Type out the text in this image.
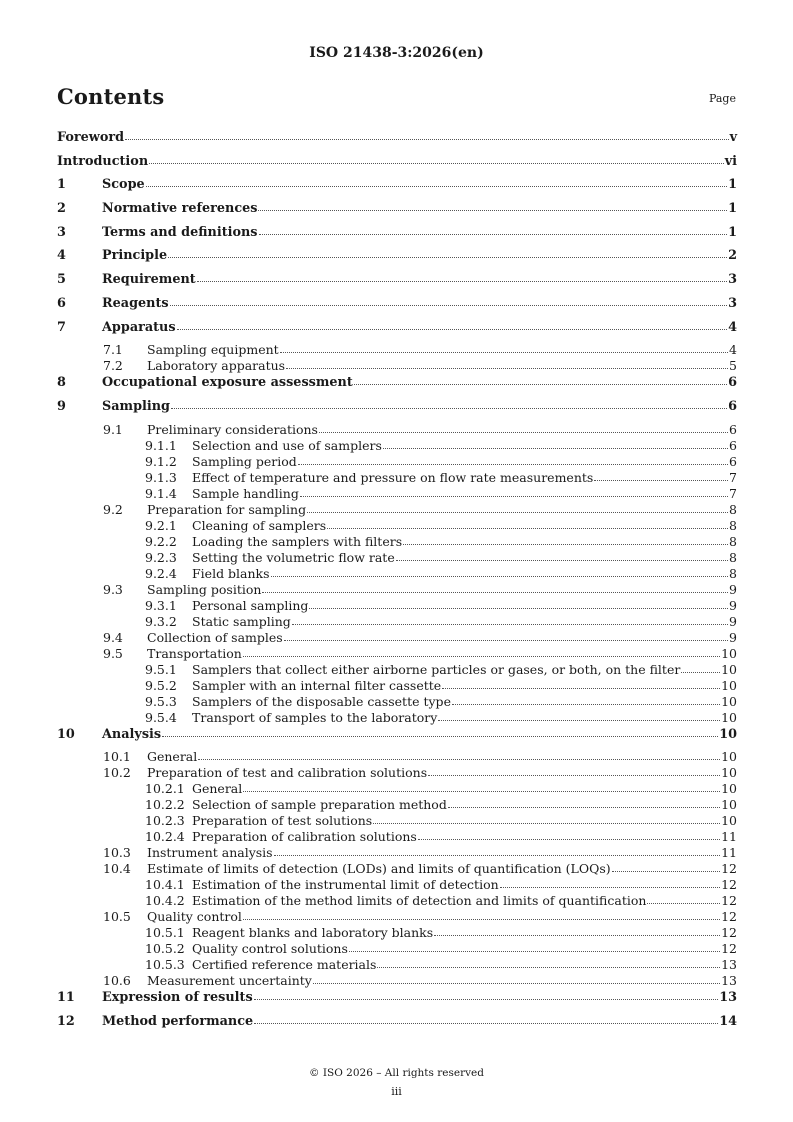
ISO 21438-3:2026(en)
Contents	Page
Foreword	v
Introduction	vi
1	Scope	1
2	Normative references	1
3	Terms and definitions	1
4	Principle	2
5	Requirement	3
6	Reagents	3
7	Apparatus	4
7.1	Sampling equipment	4
7.2	Laboratory apparatus	5
8	Occupational exposure assessment	6
9	Sampling	6
9.1	Preliminary considerations	6
9.1.1	Selection and use of samplers	6
9.1.2	Sampling period	6
9.1.3	Effect of temperature and pressure on flow rate measurements	7
9.1.4	Sample handling	7
9.2	Preparation for sampling	8
9.2.1	Cleaning of samplers	8
9.2.2	Loading the samplers with filters	8
9.2.3	Setting the volumetric flow rate	8
9.2.4	Field blanks	8
9.3	Sampling position	9
9.3.1	Personal sampling	9
9.3.2	Static sampling	9
9.4	Collection of samples	9
9.5	Transportation	10
9.5.1	Samplers that collect either airborne particles or gases, or both, on the filter	10
9.5.2	Sampler with an internal filter cassette	10
9.5.3	Samplers of the disposable cassette type	10
9.5.4	Transport of samples to the laboratory	10
10	Analysis	10
10.1	General	10
10.2	Preparation of test and calibration solutions	10
10.2.1 General	10
10.2.2 Selection of sample preparation method	10
10.2.3 Preparation of test solutions	10
10.2.4 Preparation of calibration solutions	11
10.3	Instrument analysis	11
10.4	Estimate of limits of detection (LODs) and limits of quantification (LOQs)	12
10.4.1 Estimation of the instrumental limit of detection	12
10.4.2 Estimation of the method limits of detection and limits of quantification	12
10.5	Quality control	12
10.5.1 Reagent blanks and laboratory blanks	12
10.5.2 Quality control solutions	12
10.5.3 Certified reference materials	13
10.6	Measurement uncertainty	13
11	Expression of results	13
12	Method performance	14
© ISO 2026 – All rights reserved
iii
